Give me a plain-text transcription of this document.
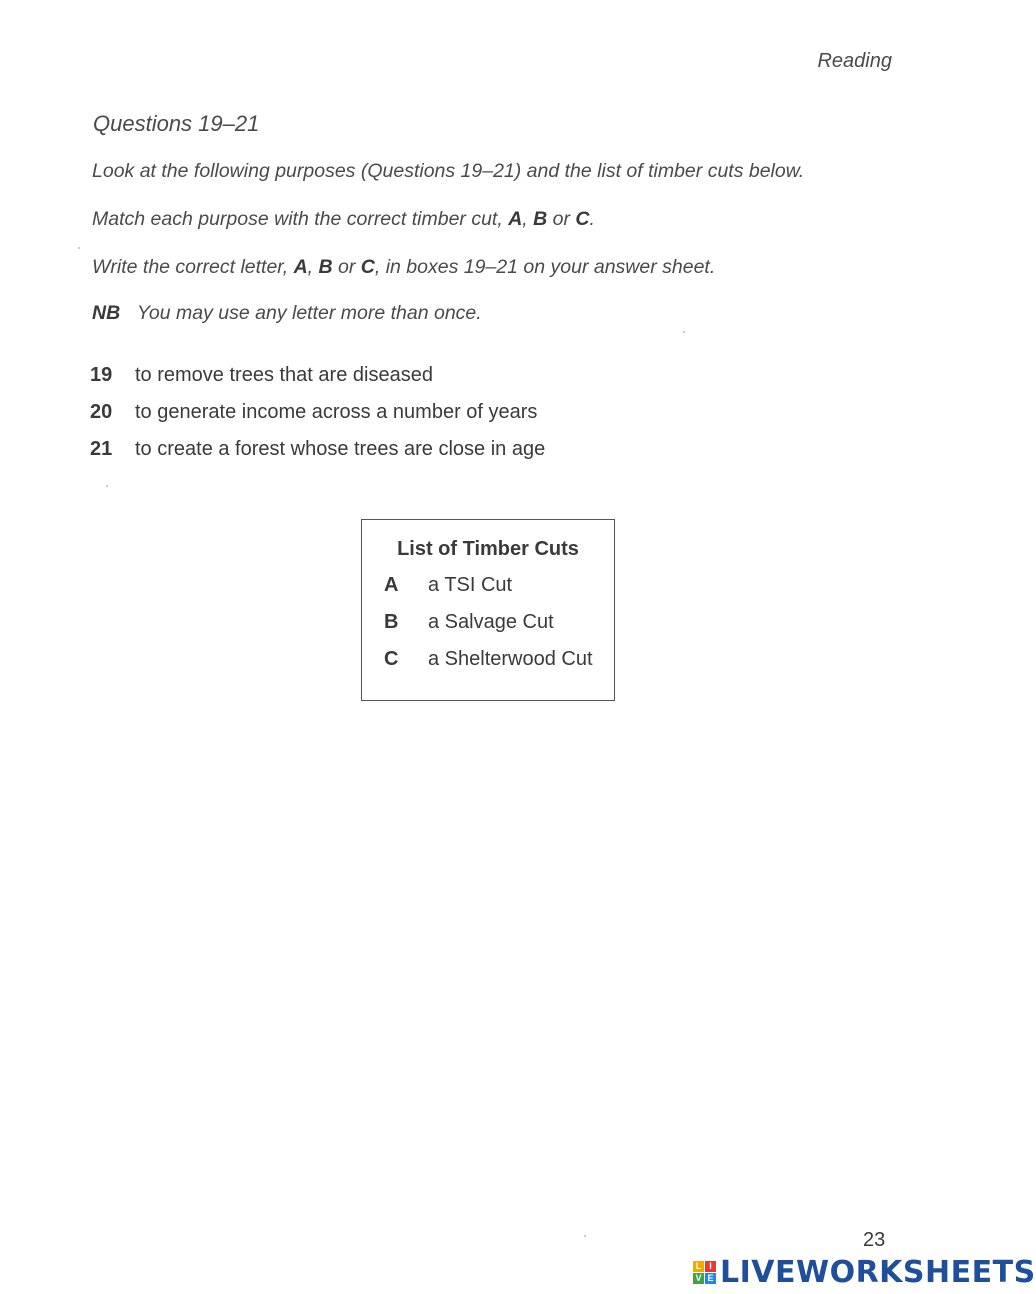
Reading
Questions 19–21
Look at the following purposes (Questions 19–21) and the list of timber cuts below.
Match each purpose with the correct timber cut, A, B or C.
Write the correct letter, A, B or C, in boxes 19–21 on your answer sheet.
NB You may use any letter more than once.
19 to remove trees that are diseased
20 to generate income across a number of years
21 to create a forest whose trees are close in age
List of Timber Cuts
A a TSI Cut
B a Salvage Cut
C a Shelterwood Cut
23
L I
V E LIVEWORKSHEETS
